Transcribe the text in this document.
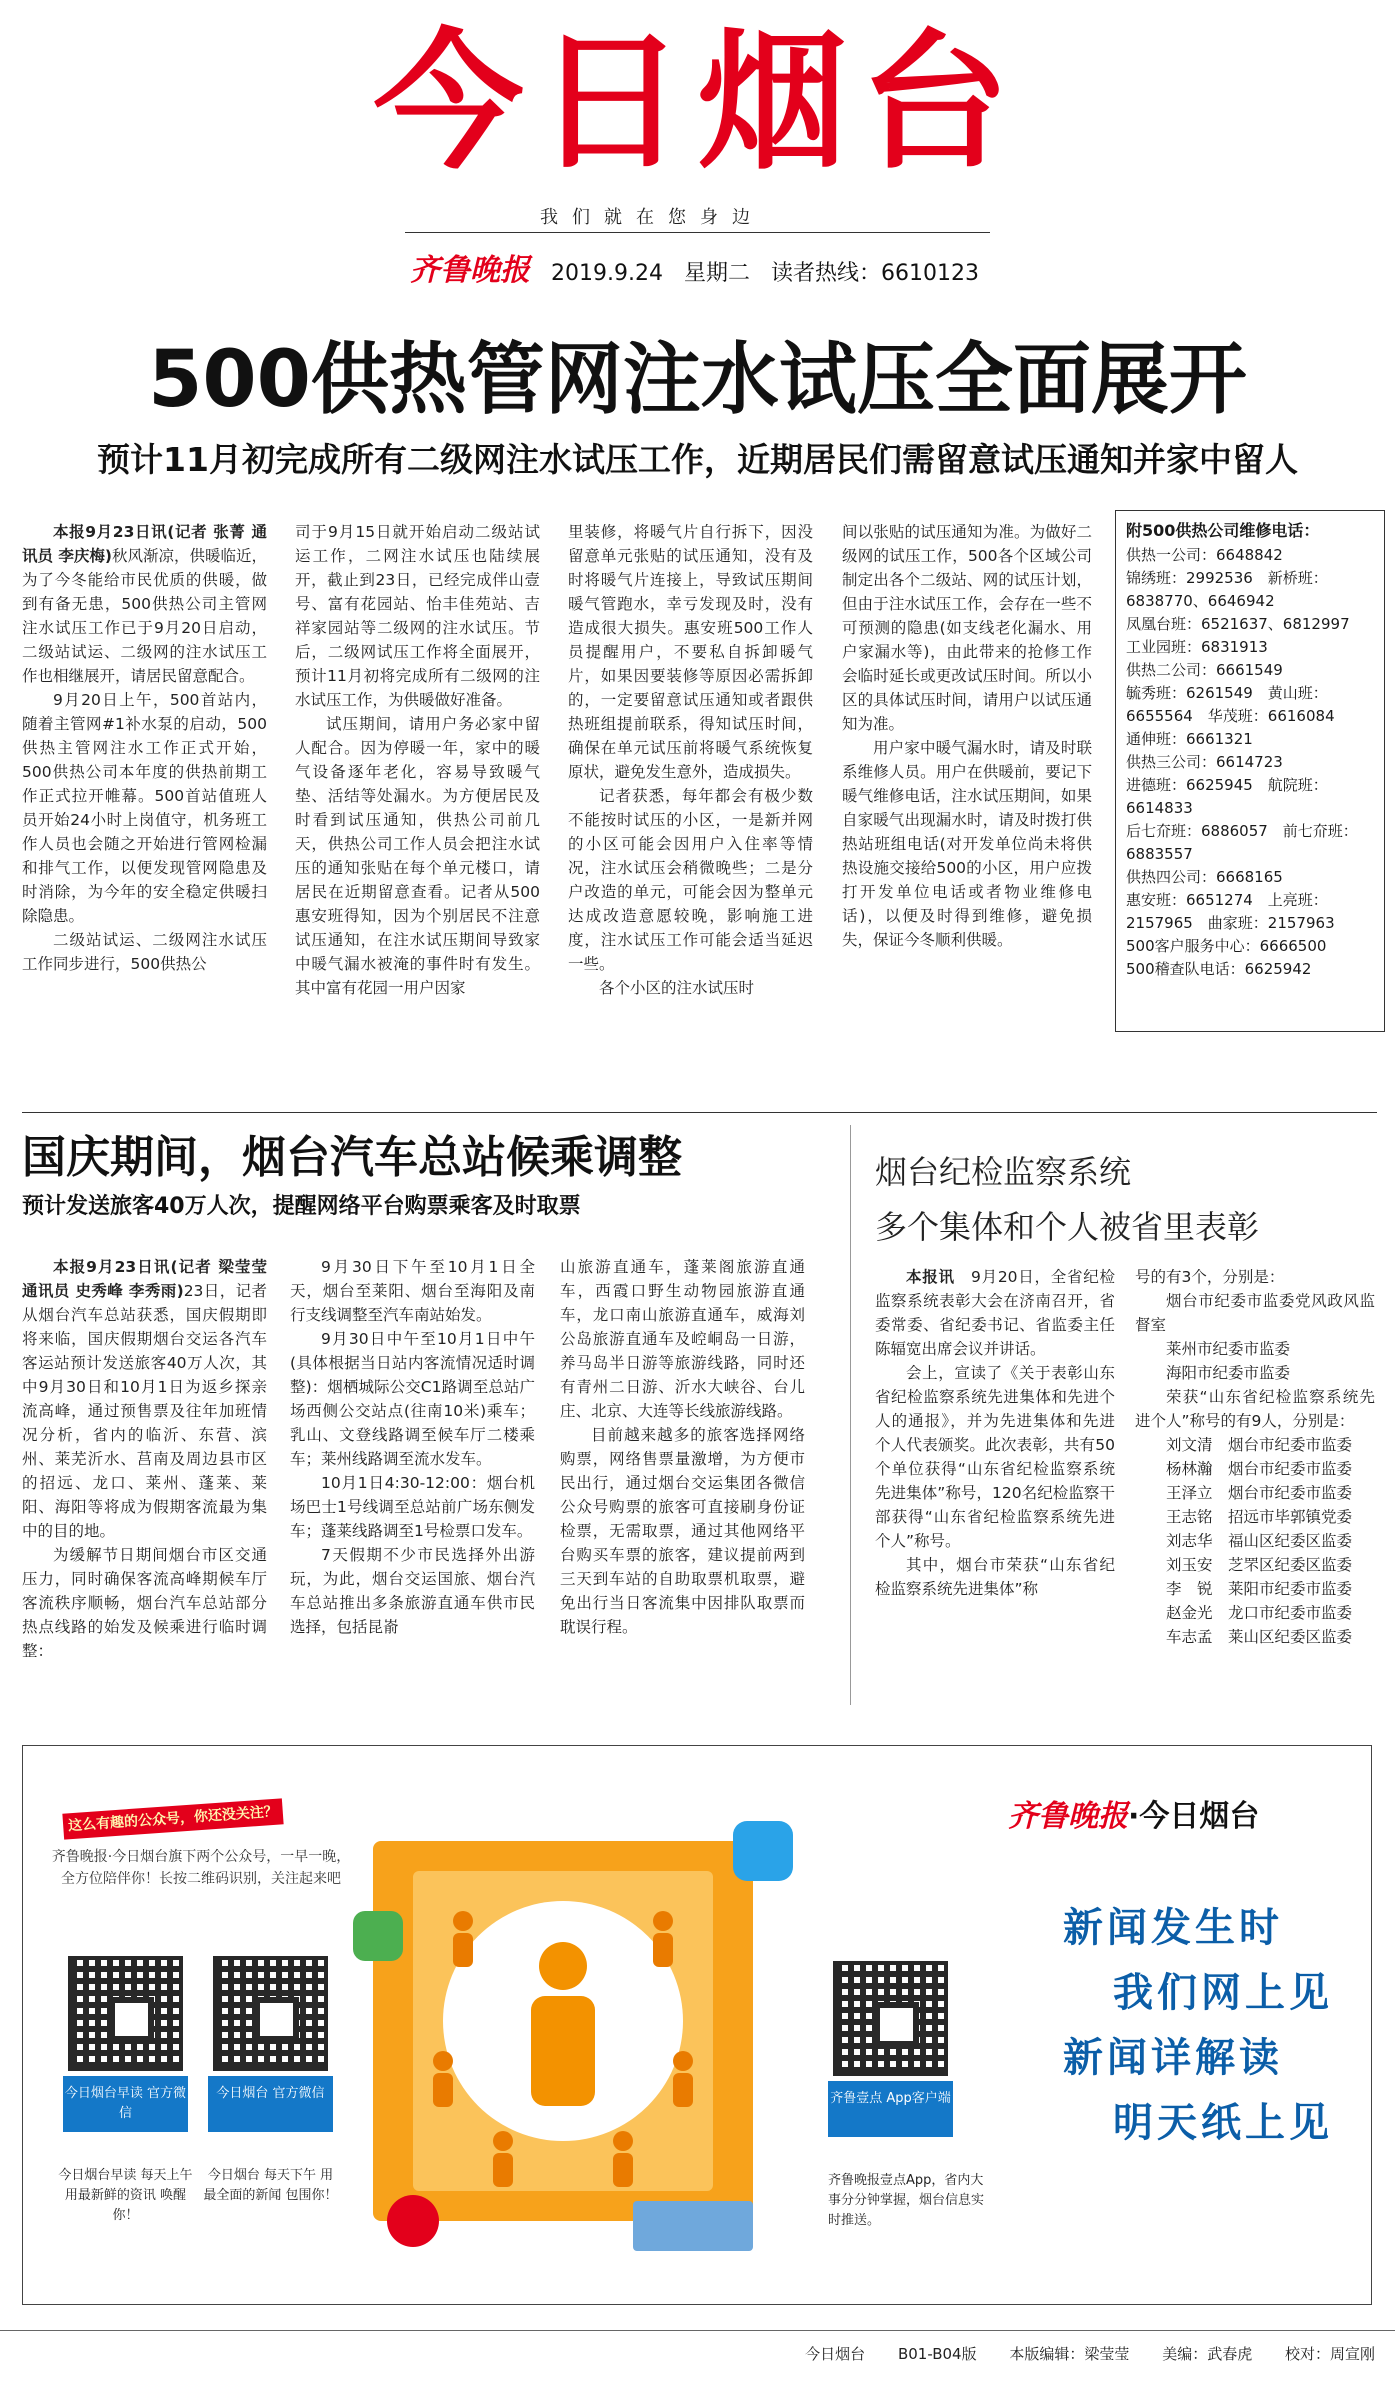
今日烟台
我们就在您身边
齐鲁晚报 2019.9.24 星期二 读者热线：6610123
500供热管网注水试压全面展开
预计11月初完成所有二级网注水试压工作，近期居民们需留意试压通知并家中留人

本报9月23日讯(记者 张菁 通讯员 李庆梅)秋风渐凉，供暖临近，为了今冬能给市民优质的供暖，做到有备无患，500供热公司主管网注水试压工作已于9月20日启动，二级站试运、二级网的注水试压工作也相继展开，请居民留意配合。

9月20日上午，500首站内，随着主管网#1补水泵的启动，500供热主管网注水工作正式开始，500供热公司本年度的供热前期工作正式拉开帷幕。500首站值班人员开始24小时上岗值守，机务班工作人员也会随之开始进行管网检漏和排气工作，以便发现管网隐患及时消除，为今年的安全稳定供暖扫除隐患。

二级站试运、二级网注水试压工作同步进行，500供热公

司于9月15日就开始启动二级站试运工作，二网注水试压也陆续展开，截止到23日，已经完成伴山壹号、富有花园站、怡丰佳苑站、吉祥家园站等二级网的注水试压。节后，二级网试压工作将全面展开，预计11月初将完成所有二级网的注水试压工作，为供暖做好准备。

试压期间，请用户务必家中留人配合。因为停暖一年，家中的暖气设备逐年老化，容易导致暖气垫、活结等处漏水。为方便居民及时看到试压通知，供热公司前几天，供热公司工作人员会把注水试压的通知张贴在每个单元楼口，请居民在近期留意查看。记者从500惠安班得知，因为个别居民不注意试压通知，在注水试压期间导致家中暖气漏水被淹的事件时有发生。其中富有花园一用户因家

里装修，将暖气片自行拆下，因没留意单元张贴的试压通知，没有及时将暖气片连接上，导致试压期间暖气管跑水，幸亏发现及时，没有造成很大损失。惠安班500工作人员提醒用户，不要私自拆卸暖气片，如果因要装修等原因必需拆卸的，一定要留意试压通知或者跟供热班组提前联系，得知试压时间，确保在单元试压前将暖气系统恢复原状，避免发生意外，造成损失。

记者获悉，每年都会有极少数不能按时试压的小区，一是新并网的小区可能会因用户入住率等情况，注水试压会稍微晚些；二是分户改造的单元，可能会因为整单元达成改造意愿较晚，影响施工进度，注水试压工作可能会适当延迟一些。

各个小区的注水试压时

间以张贴的试压通知为准。为做好二级网的试压工作，500各个区域公司制定出各个二级站、网的试压计划，但由于注水试压工作，会存在一些不可预测的隐患(如支线老化漏水、用户家漏水等)，由此带来的抢修工作会临时延长或更改试压时间。所以小区的具体试压时间，请用户以试压通知为准。

用户家中暖气漏水时，请及时联系维修人员。用户在供暖前，要记下暖气维修电话，注水试压期间，如果自家暖气出现漏水时，请及时拨打供热站班组电话(对开发单位尚未将供热设施交接给500的小区，用户应拨打开发单位电话或者物业维修电话)，以便及时得到维修，避免损失，保证今冬顺利供暖。

附500供热公司维修电话：
供热一公司：6648842
锦绣班：2992536　新桥班：
6838770、6646942
凤凰台班：6521637、6812997
工业园班：6831913
供热二公司：6661549
毓秀班：6261549　黄山班：
6655564　华茂班：6616084
通伸班：6661321
供热三公司：6614723
进德班：6625945　航院班：
6614833
后七夼班：6886057　前七夼班：
6883557
供热四公司：6668165
惠安班：6651274　上亮班：
2157965　曲家班：2157963
500客户服务中心：6666500
500稽查队电话：6625942
国庆期间，烟台汽车总站候乘调整
预计发送旅客40万人次，提醒网络平台购票乘客及时取票

本报9月23日讯(记者 梁莹莹 通讯员 史秀峰 李秀雨)23日，记者从烟台汽车总站获悉，国庆假期即将来临，国庆假期烟台交运各汽车客运站预计发送旅客40万人次，其中9月30日和10月1日为返乡探亲流高峰，通过预售票及往年加班情况分析，省内的临沂、东营、滨州、莱芜沂水、莒南及周边县市区的招远、龙口、莱州、蓬莱、莱阳、海阳等将成为假期客流最为集中的目的地。

为缓解节日期间烟台市区交通压力，同时确保客流高峰期候车厅客流秩序顺畅，烟台汽车总站部分热点线路的始发及候乘进行临时调整：

9月30日下午至10月1日全天，烟台至莱阳、烟台至海阳及南行支线调整至汽车南站始发。

9月30日中午至10月1日中午(具体根据当日站内客流情况适时调整)：烟栖城际公交C1路调至总站广场西侧公交站点(往南10米)乘车；乳山、文登线路调至候车厅二楼乘车；莱州线路调至流水发车。

10月1日4:30-12:00：烟台机场巴士1号线调至总站前广场东侧发车；蓬莱线路调至1号检票口发车。

7天假期不少市民选择外出游玩，为此，烟台交运国旅、烟台汽车总站推出多条旅游直通车供市民选择，包括昆嵛

山旅游直通车，蓬莱阁旅游直通车，西霞口野生动物园旅游直通车，龙口南山旅游直通车，威海刘公岛旅游直通车及崆峒岛一日游，养马岛半日游等旅游线路，同时还有青州二日游、沂水大峡谷、台儿庄、北京、大连等长线旅游线路。

目前越来越多的旅客选择网络购票，网络售票量激增，为方便市民出行，通过烟台交运集团各微信公众号购票的旅客可直接刷身份证检票，无需取票，通过其他网络平台购买车票的旅客，建议提前两到三天到车站的自助取票机取票，避免出行当日客流集中因排队取票而耽误行程。

烟台纪检监察系统
多个集体和个人被省里表彰

本报讯　 9月20日，全省纪检监察系统表彰大会在济南召开，省委常委、省纪委书记、省监委主任陈辐宽出席会议并讲话。

会上，宣读了《关于表彰山东省纪检监察系统先进集体和先进个人的通报》，并为先进集体和先进个人代表颁奖。此次表彰，共有50个单位获得“山东省纪检监察系统先进集体”称号，120名纪检监察干部获得“山东省纪检监察系统先进个人”称号。

其中，烟台市荣获“山东省纪检监察系统先进集体”称

号的有3个，分别是：

烟台市纪委市监委党风政风监督室

莱州市纪委市监委

海阳市纪委市监委

荣获“山东省纪检监察系统先进个人”称号的有9人，分别是：

刘文清　 烟台市纪委市监委

杨林瀚　 烟台市纪委市监委

王泽立　 烟台市纪委市监委

王志铭　 招远市毕郭镇党委

刘志华　 福山区纪委区监委

刘玉安　 芝罘区纪委区监委

李　锐　 莱阳市纪委市监委

赵金光　 龙口市纪委市监委

车志孟　 莱山区纪委区监委

这么有趣的公众号，你还没关注？
齐鲁晚报·今日烟台旗下两个公众号，一早一晚，全方位陪伴你！长按二维码识别，关注起来吧
今日烟台早读 官方微信
今日烟台早读 每天上午 用最新鲜的资讯 唤醒你！
今日烟台 官方微信
今日烟台 每天下午 用最全面的新闻 包围你！
齐鲁壹点 App客户端
齐鲁晚报壹点App，省内大事分分钟掌握，烟台信息实时推送。
齐鲁晚报·今日烟台
新闻发生时
我们网上见
新闻详解读
明天纸上见
今日烟台 B01-B04版 本版编辑：梁莹莹 美编：武春虎 校对：周宣刚
